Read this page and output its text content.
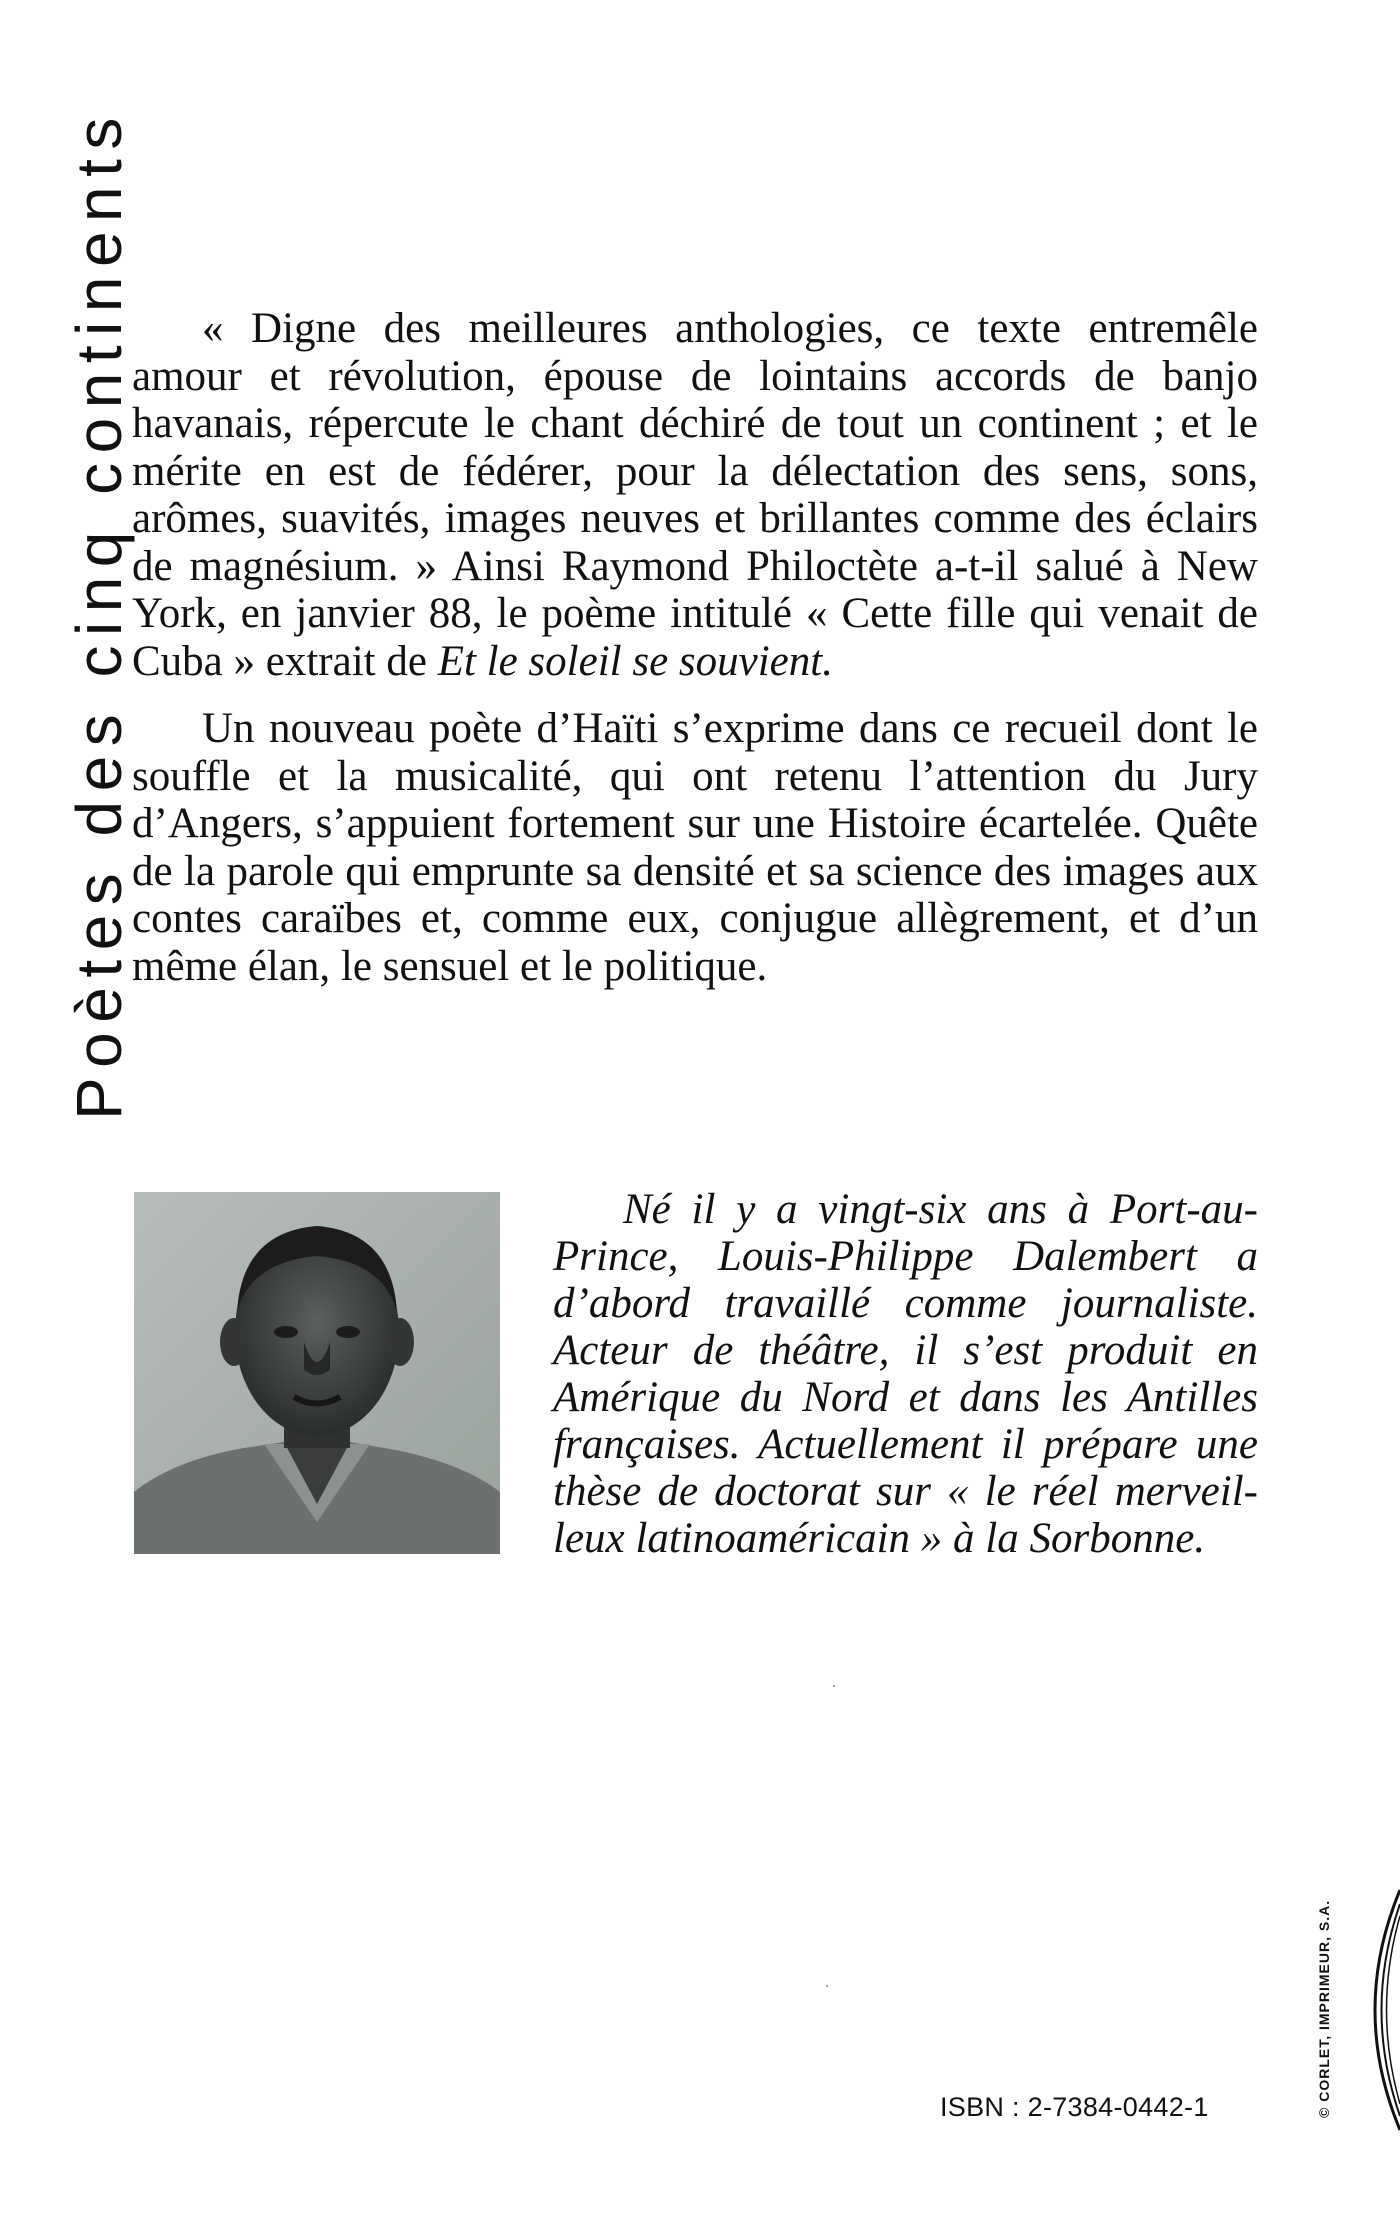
Poètes des cinq continents	« Digne des meilleures anthologies, ce texte entremêle amour et révolution, épouse de lointains accords de banjo havanais, répercute le chant déchiré de tout un continent ; et le mérite en est de fédérer, pour la délectation des sens, sons, arômes, suavités, images neuves et brillantes comme des éclairs de magnésium. » Ainsi Raymond Philoctète a-t-il salué à New York, en janvier 88, le poème intitulé « Cette fille qui venait de Cuba » extrait de Et le soleil se souvient.

Un nouveau poète d’Haïti s’exprime dans ce recueil dont le souffle et la musicalité, qui ont retenu l’attention du Jury d’Angers, s’appuient fortement sur une Histoire écartelée. Quête de la parole qui emprunte sa densité et sa science des images aux contes caraïbes et, comme eux, conjugue allègrement, et d’un même élan, le sensuel et le politique.

Né il y a vingt-six ans à Port-au-Prince, Louis-Philippe Dalembert a d’abord travaillé comme journaliste. Acteur de théâtre, il s’est produit en Amérique du Nord et dans les Antilles françaises. Actuellement il prépare une thèse de doctorat sur « le réel merveilleux latinoaméricain » à la Sorbonne.

ISBN : 2-7384-0442-1	© CORLET, IMPRIMEUR, S.A.
